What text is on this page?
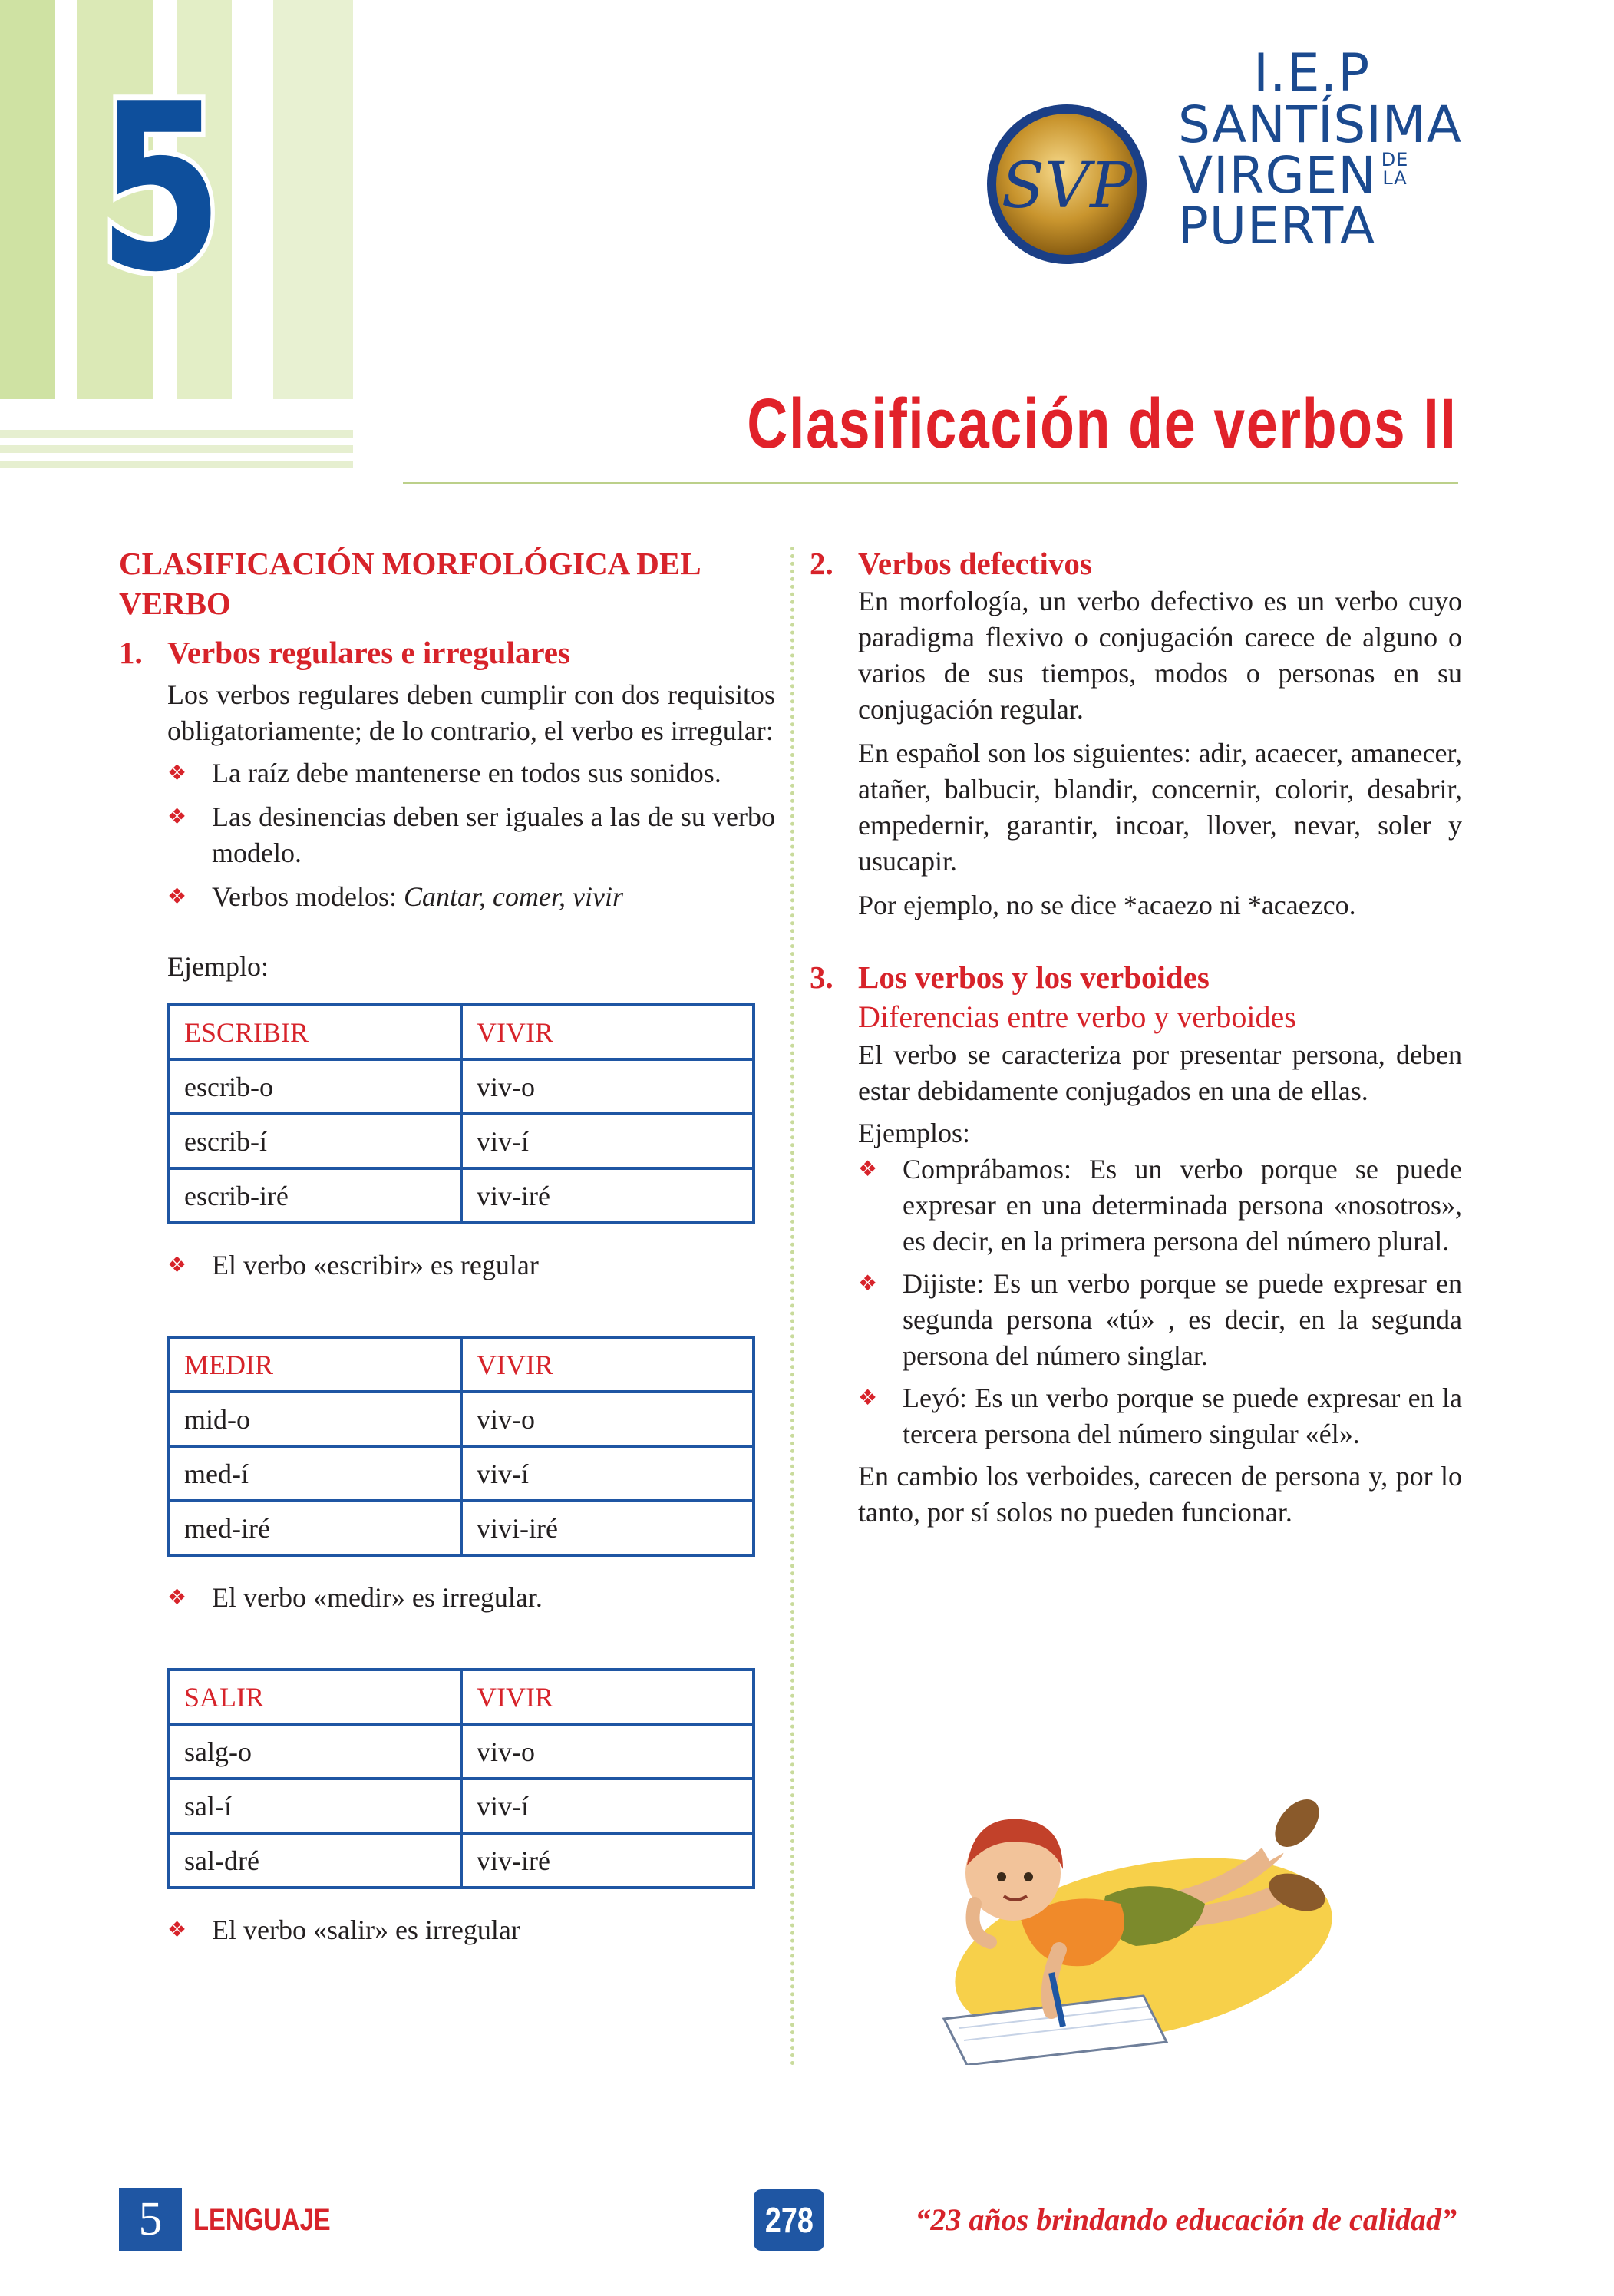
5	SVP
I.E.P
SANTÍSIMA
VIRGEN DE
LA
PUERTA
Clasificación de verbos II
CLASIFICACIÓN MORFOLÓGICA DEL VERBO
1. Verbos regulares e irregulares
Los verbos regulares deben cumplir con dos requisitos obligatoriamente; de lo contrario, el verbo es irregular:
❖ La raíz debe mantenerse en todos sus sonidos.
❖ Las desinencias deben ser iguales a las de su verbo modelo.
❖ Verbos modelos: Cantar, comer, vivir
Ejemplo:
ESCRIBIR	VIVIR
escrib-o	viv-o
escrib-í	viv-í
escrib-iré	viv-iré
❖ El verbo «escribir» es regular
MEDIR	VIVIR
mid-o	viv-o
med-í	viv-í
med-iré	vivi-iré
❖ El verbo «medir» es irregular.
SALIR	VIVIR
salg-o	viv-o
sal-í	viv-í
sal-dré	viv-iré
❖ El verbo «salir» es irregular
2. Verbos defectivos
En morfología, un verbo defectivo es un verbo cuyo paradigma flexivo o conjugación carece de alguno o varios de sus tiempos, modos o personas en su conjugación regular.
En español son los siguientes: adir, acaecer, amanecer, atañer, balbucir, blandir, concernir, colorir, desabrir, empedernir, garantir, incoar, llover, nevar, soler y usucapir.
Por ejemplo, no se dice *acaezo ni *acaezco.
3. Los verbos y los verboides
Diferencias entre verbo y verboides
El verbo se caracteriza por presentar persona, deben estar debidamente conjugados en una de ellas.
Ejemplos:
❖ Comprábamos: Es un verbo porque se puede expresar en una determinada persona «nosotros», es decir, en la primera persona del número plural.
❖ Dijiste: Es un verbo porque se puede expresar en segunda persona «tú» , es decir, en la segunda persona del número singlar.
❖ Leyó: Es un verbo porque se puede expresar en la tercera persona del número singular «él».
En cambio los verboides, carecen de persona y, por lo tanto, por sí solos no pueden funcionar.
5	LENGUAJE	278	“23 años brindando educación de calidad”
